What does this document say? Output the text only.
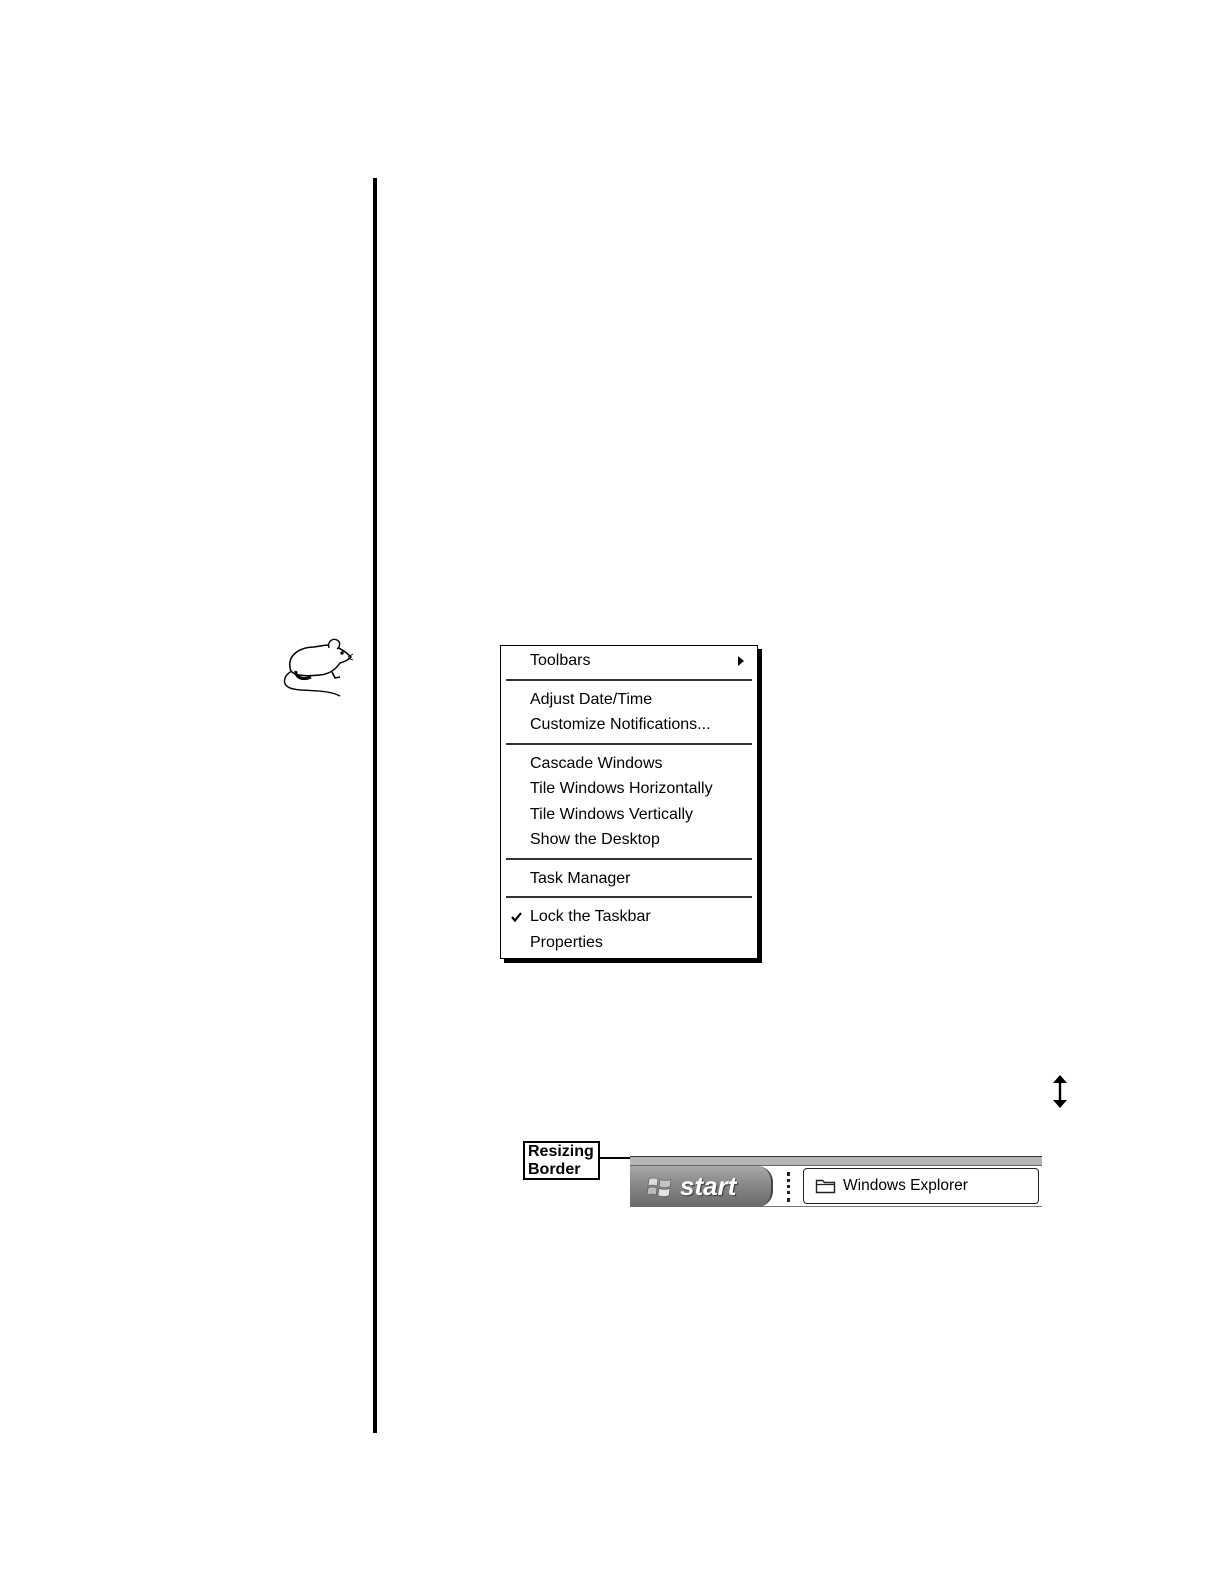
Toolbars
Adjust Date/Time
Customize Notifications...
Cascade Windows
Tile Windows Horizontally
Tile Windows Vertically
Show the Desktop
Task Manager
Lock the Taskbar
Properties
Resizing
Border
start	Windows Explorer
